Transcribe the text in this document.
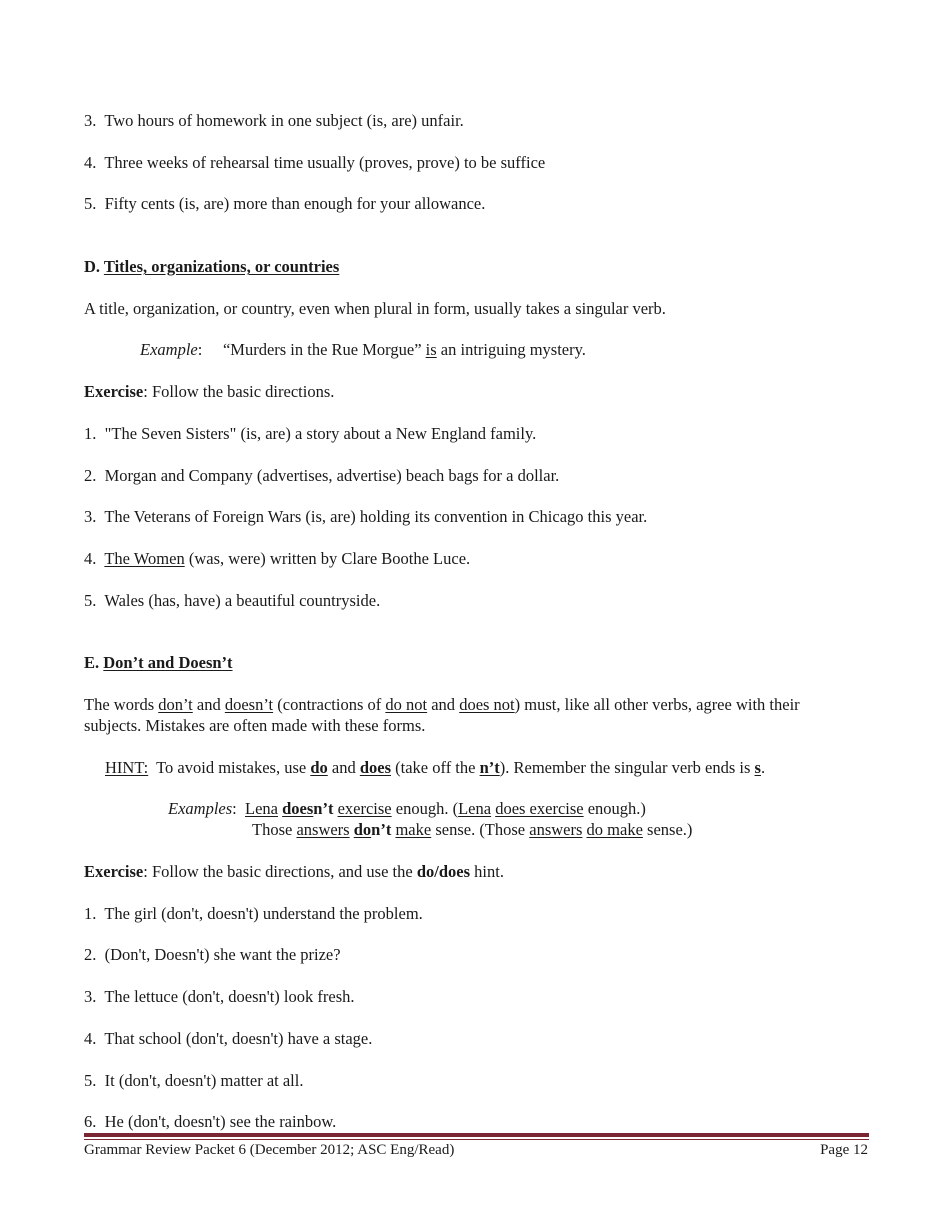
3. Two hours of homework in one subject (is, are) unfair.
4. Three weeks of rehearsal time usually (proves, prove) to be suffice
5. Fifty cents (is, are) more than enough for your allowance.
D. Titles, organizations, or countries
A title, organization, or country, even when plural in form, usually takes a singular verb.
Example: “Murders in the Rue Morgue” is an intriguing mystery.
Exercise: Follow the basic directions.
1. "The Seven Sisters" (is, are) a story about a New England family.
2. Morgan and Company (advertises, advertise) beach bags for a dollar.
3. The Veterans of Foreign Wars (is, are) holding its convention in Chicago this year.
4. The Women (was, were) written by Clare Boothe Luce.
5. Wales (has, have) a beautiful countryside.
E. Don’t and Doesn’t
The words don’t and doesn’t (contractions of do not and does not) must, like all other verbs, agree with their subjects. Mistakes are often made with these forms.
HINT: To avoid mistakes, use do and does (take off the n’t). Remember the singular verb ends is s.
Examples: Lena doesn’t exercise enough. (Lena does exercise enough.)
Those answers don’t make sense. (Those answers do make sense.)
Exercise: Follow the basic directions, and use the do/does hint.
1. The girl (don't, doesn't) understand the problem.
2. (Don't, Doesn't) she want the prize?
3. The lettuce (don't, doesn't) look fresh.
4. That school (don't, doesn't) have a stage.
5. It (don't, doesn't) matter at all.
6. He (don't, doesn't) see the rainbow.
Grammar Review Packet 6 (December 2012; ASC Eng/Read)	Page 12
